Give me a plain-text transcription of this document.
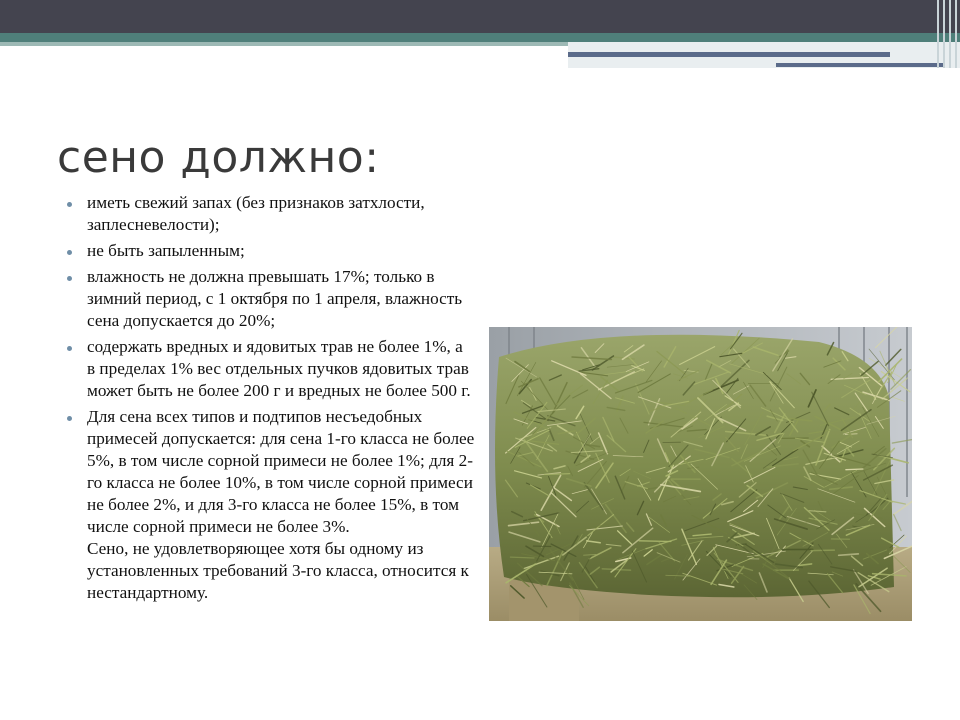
сено должно:
иметь свежий запах (без признаков затхлости, заплесневелости);
не быть запыленным;
влажность не должна превышать 17%; только в зимний период, с 1 октября по 1 апреля, влажность сена допускается до 20%;
содержать вредных и ядовитых трав не более 1%, а в пределах 1% вес отдельных пучков ядовитых трав может быть не более 200 г и вредных не более 500 г.
Для сена всех типов и подтипов несъедобных примесей допускается: для сена 1-го класса не более 5%, в том числе сорной примеси не более 1%; для 2-го класса не более 10%, в том числе сорной примеси не более 2%, и для 3-го класса не более 15%, в том числе сорной примеси не более 3%.
Сено, не удовлетворяющее хотя бы одному из установленных требований 3-го класса, относится к нестандартному.
